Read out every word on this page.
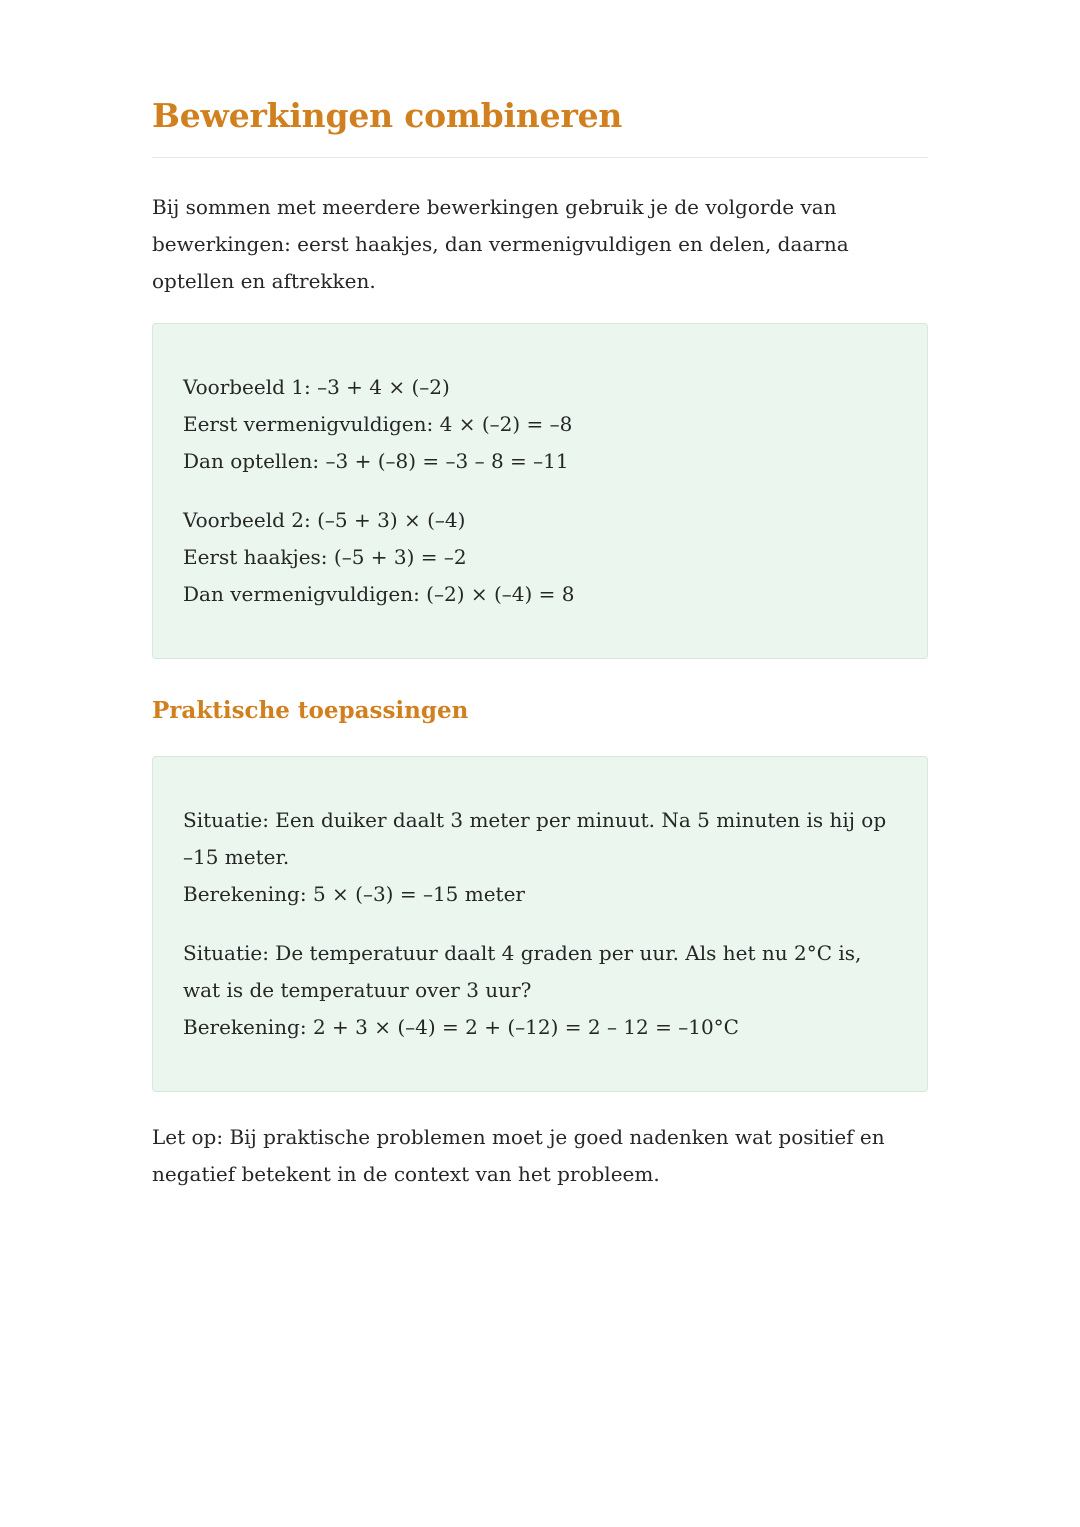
Bewerkingen combineren
Bij sommen met meerdere bewerkingen gebruik je de volgorde van
bewerkingen: eerst haakjes, dan vermenigvuldigen en delen, daarna
optellen en aftrekken.
Voorbeeld 1: –3 + 4 × (–2)
Eerst vermenigvuldigen: 4 × (–2) = –8
Dan optellen: –3 + (–8) = –3 – 8 = –11
Voorbeeld 2: (–5 + 3) × (–4)
Eerst haakjes: (–5 + 3) = –2
Dan vermenigvuldigen: (–2) × (–4) = 8
Praktische toepassingen
Situatie: Een duiker daalt 3 meter per minuut. Na 5 minuten is hij op
–15 meter.
Berekening: 5 × (–3) = –15 meter
Situatie: De temperatuur daalt 4 graden per uur. Als het nu 2°C is,
wat is de temperatuur over 3 uur?
Berekening: 2 + 3 × (–4) = 2 + (–12) = 2 – 12 = –10°C
Let op: Bij praktische problemen moet je goed nadenken wat positief en
negatief betekent in de context van het probleem.
